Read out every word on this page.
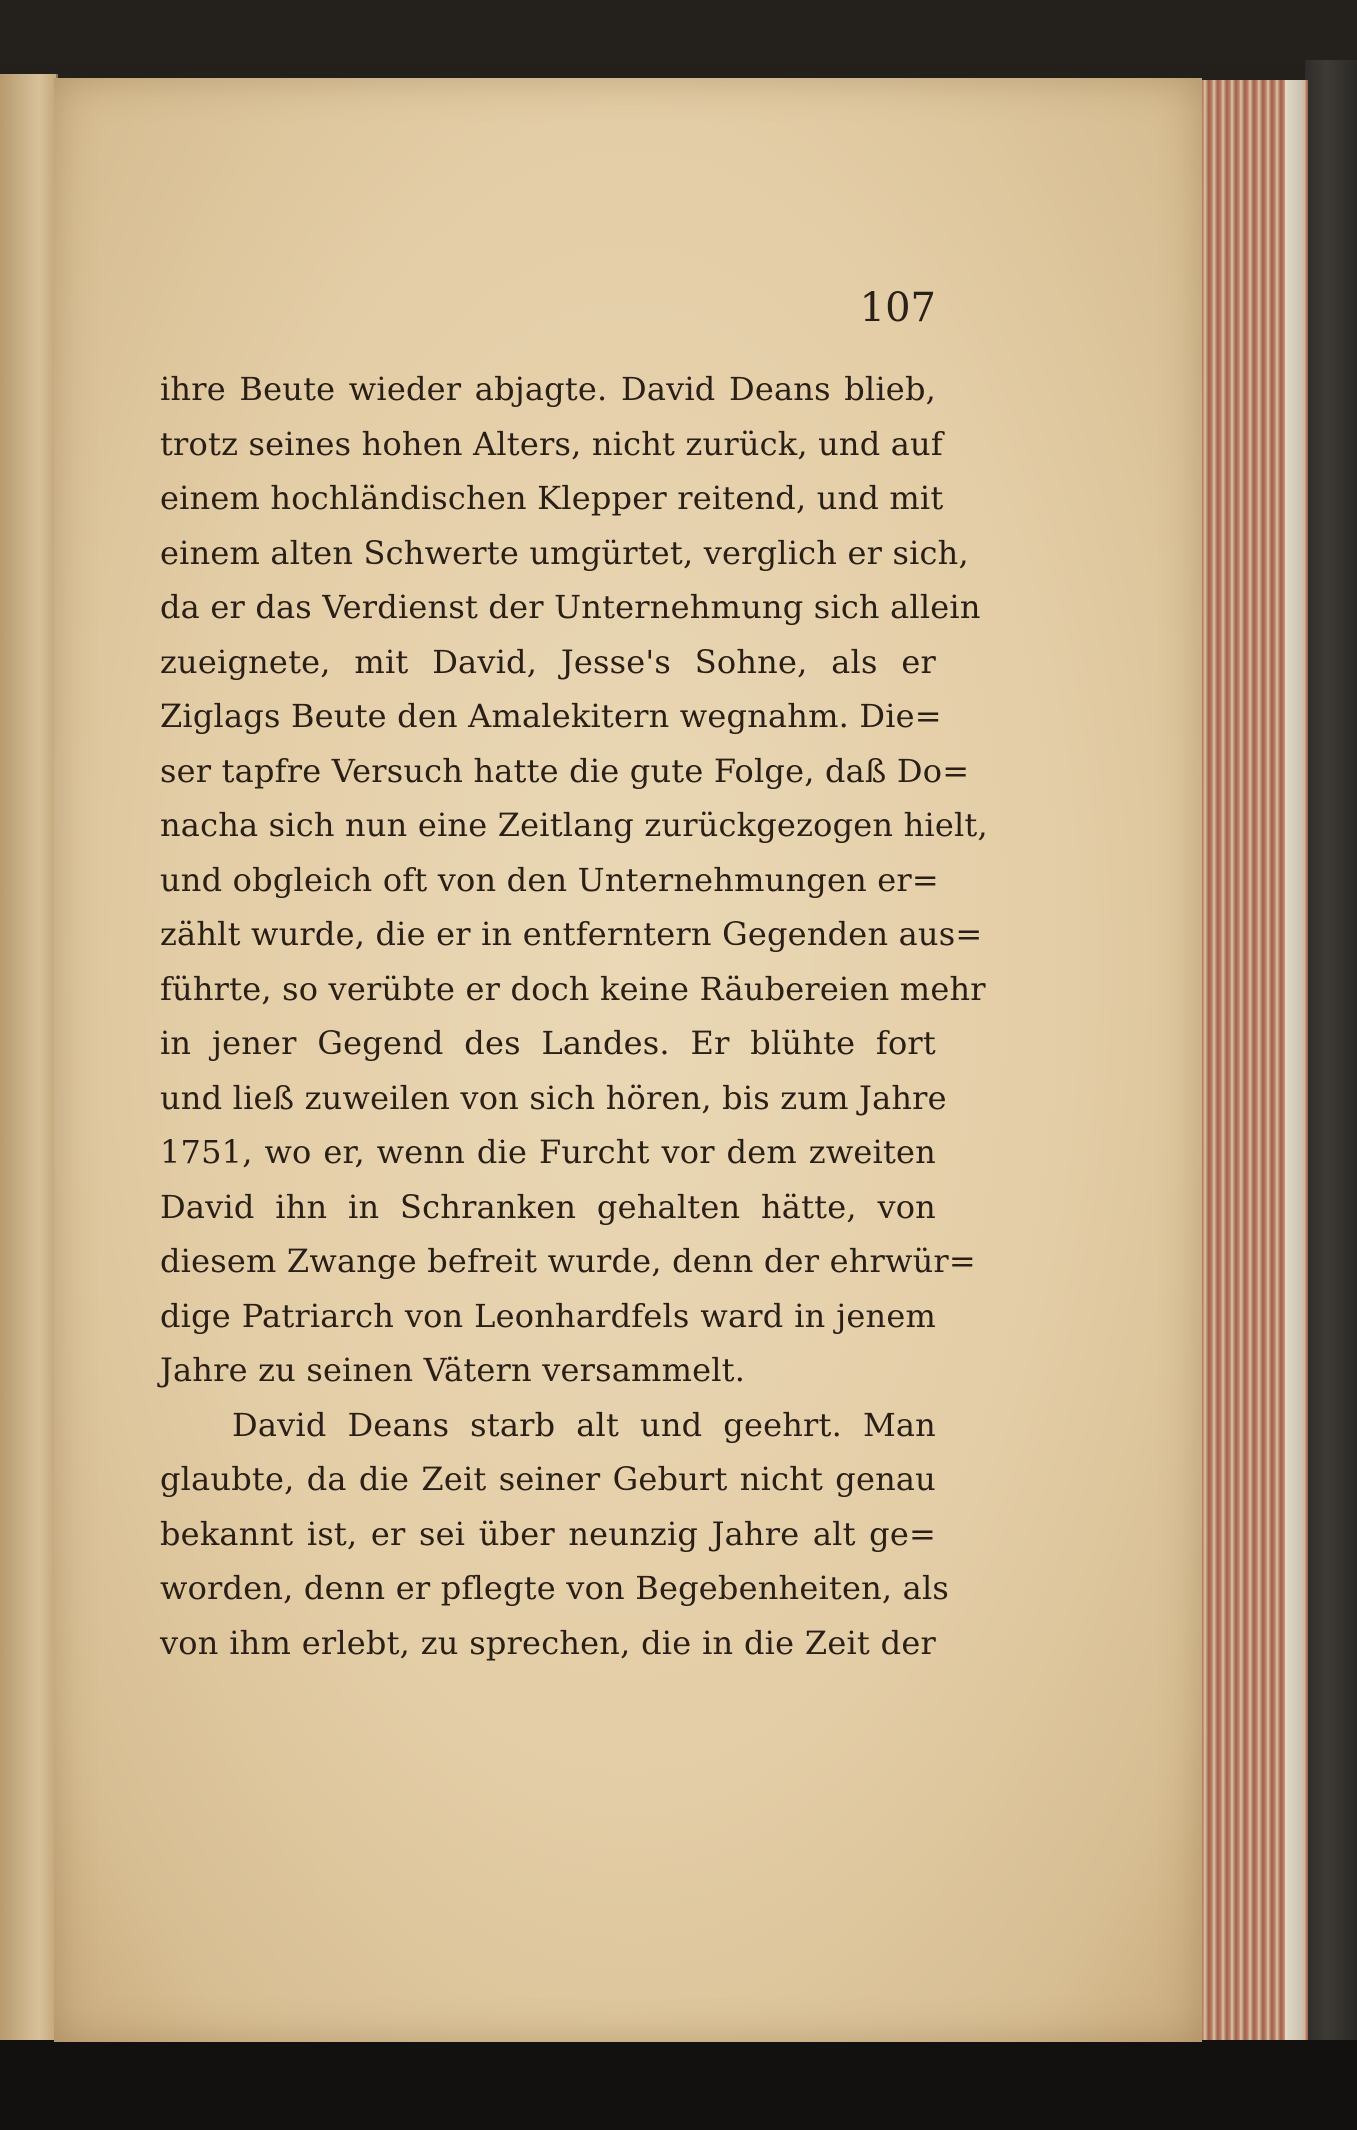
107
ihre Beute wieder abjagte. David Deans blieb,
trotz seines hohen Alters, nicht zurück, und auf
einem hochländischen Klepper reitend, und mit
einem alten Schwerte umgürtet, verglich er sich,
da er das Verdienst der Unternehmung sich allein
zueignete, mit David, Jesse's Sohne, als er
Ziglags Beute den Amalekitern wegnahm. Die=
ser tapfre Versuch hatte die gute Folge, daß Do=
nacha sich nun eine Zeitlang zurückgezogen hielt,
und obgleich oft von den Unternehmungen er=
zählt wurde, die er in entferntern Gegenden aus=
führte, so verübte er doch keine Räubereien mehr
in jener Gegend des Landes. Er blühte fort
und ließ zuweilen von sich hören, bis zum Jahre
1751, wo er, wenn die Furcht vor dem zweiten
David ihn in Schranken gehalten hätte, von
diesem Zwange befreit wurde, denn der ehrwür=
dige Patriarch von Leonhardfels ward in jenem
Jahre zu seinen Vätern versammelt.
David Deans starb alt und geehrt. Man
glaubte, da die Zeit seiner Geburt nicht genau
bekannt ist, er sei über neunzig Jahre alt ge=
worden, denn er pflegte von Begebenheiten, als
von ihm erlebt, zu sprechen, die in die Zeit der
